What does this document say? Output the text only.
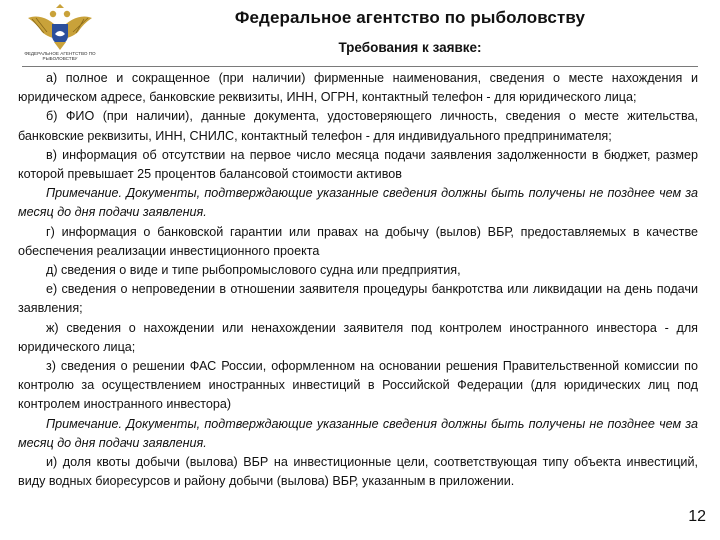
ФЕДЕРАЛЬНОЕ АГЕНТСТВО ПО РЫБОЛОВСТВУ
Федеральное агентство по рыболовству
Требования к заявке:

а) полное и сокращенное (при наличии) фирменные наименования, сведения о месте нахождения и юридическом адресе, банковские реквизиты, ИНН, ОГРН, контактный телефон - для юридического лица;

б) ФИО (при наличии), данные документа, удостоверяющего личность, сведения о месте жительства, банковские реквизиты, ИНН, СНИЛС, контактный телефон - для индивидуального предпринимателя;

в) информация об отсутствии на первое число месяца подачи заявления задолженности в бюджет, размер которой превышает 25 процентов балансовой стоимости активов

Примечание. Документы, подтверждающие указанные сведения должны быть получены не позднее чем за месяц до дня подачи заявления.

г) информация о банковской гарантии или правах на добычу (вылов) ВБР, предоставляемых в качестве обеспечения реализации инвестиционного проекта

д) сведения о виде и типе рыбопромыслового судна или предприятия,

е) сведения о непроведении в отношении заявителя процедуры банкротства или ликвидации на день подачи заявления;

ж) сведения о нахождении или ненахождении заявителя под контролем иностранного инвестора - для юридического лица;

з) сведения о решении ФАС России, оформленном на основании решения Правительственной комиссии по контролю за осуществлением иностранных инвестиций в Российской Федерации (для юридических лиц под контролем иностранного инвестора)

Примечание. Документы, подтверждающие указанные сведения должны быть получены не позднее чем за месяц до дня подачи заявления.

и) доля квоты добычи (вылова) ВБР на инвестиционные цели, соответствующая типу объекта инвестиций, виду водных биоресурсов и району добычи (вылова) ВБР, указанным в приложении.

12
